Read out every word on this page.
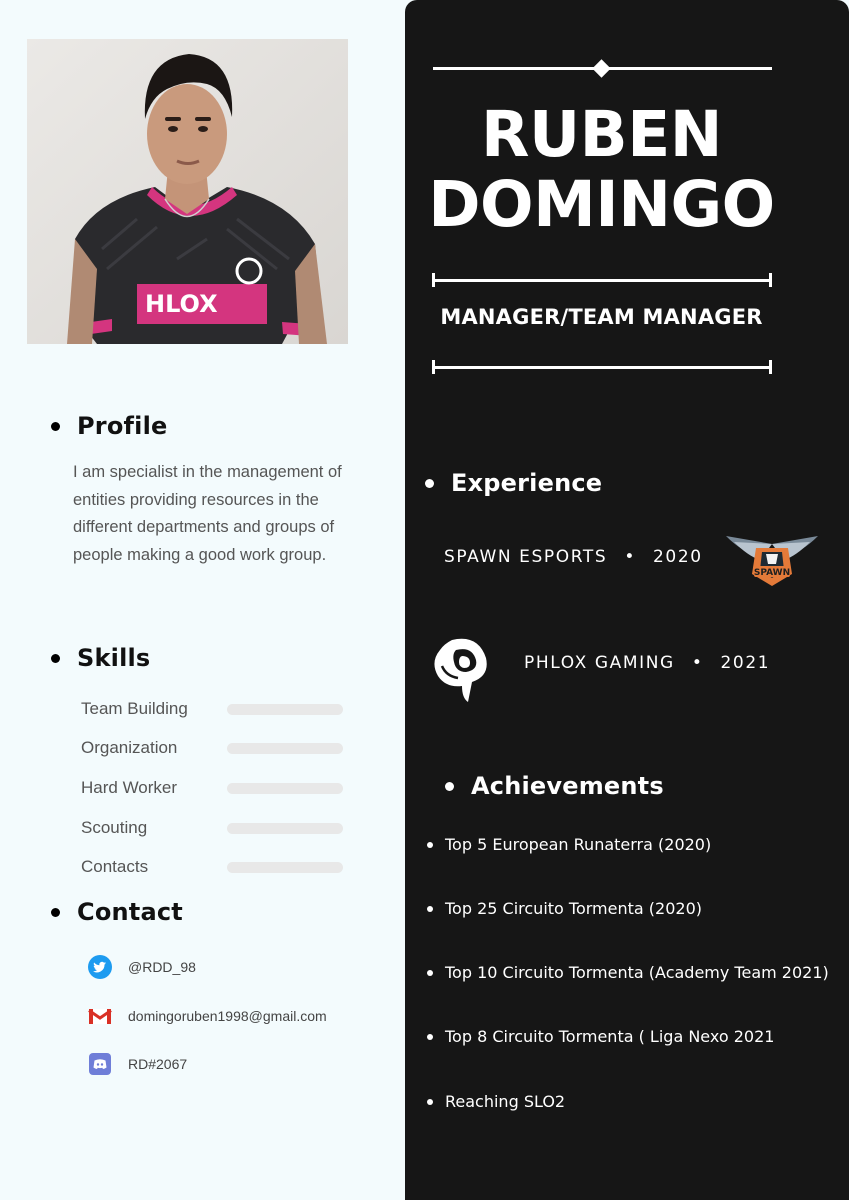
HLOX
Profile
I am specialist in the management of entities providing resources in the different departments and groups of people making a good work group.
Skills
Team Building
Organization
Hard Worker
Scouting
Contacts
Contact
@RDD_98
domingoruben1998@gmail.com
RD#2067
RUBEN
DOMINGO
MANAGER/TEAM MANAGER
Experience
SPAWN ESPORTS • 2020
SPAWN
PHLOX GAMING • 2021
Achievements
Top 5 European Runaterra (2020)
Top 25 Circuito Tormenta (2020)
Top 10 Circuito Tormenta (Academy Team 2021)
Top 8 Circuito Tormenta ( Liga Nexo 2021
Reaching SLO2
